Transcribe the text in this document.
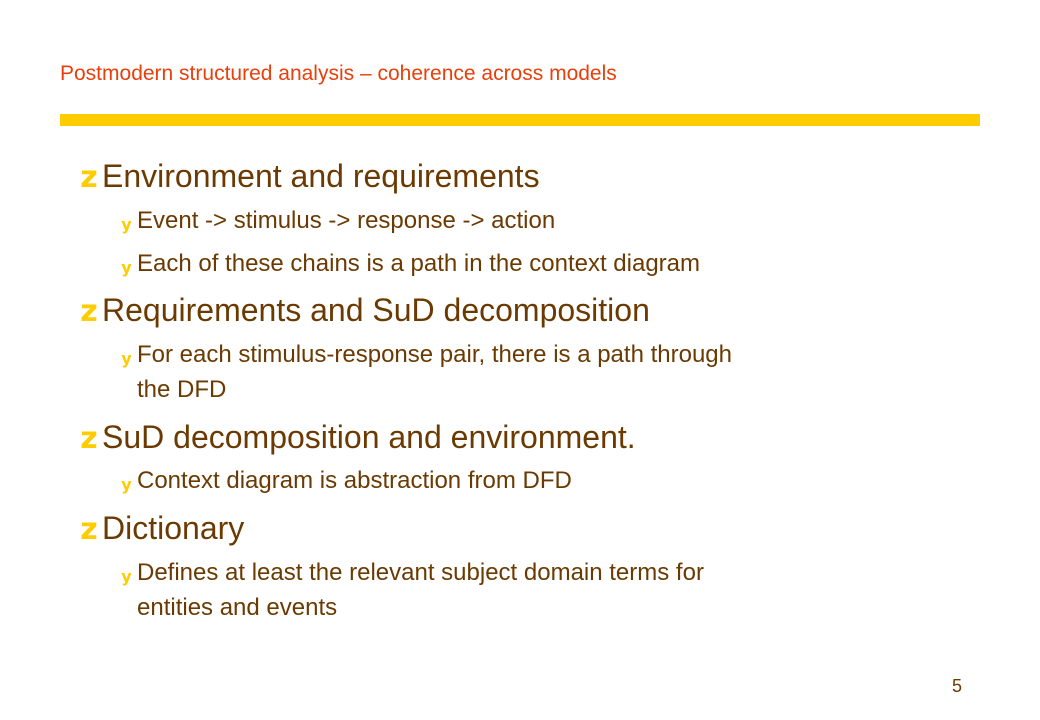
Postmodern structured analysis – coherence across models
z Environment and requirements
y Event -> stimulus -> response -> action
y Each of these chains is a path in the context diagram
z Requirements and SuD decomposition
y For each stimulus-response pair, there is a path through
the DFD
z SuD decomposition and environment.
y Context diagram is abstraction from DFD
z Dictionary
y Defines at least the relevant subject domain terms for
entities and events
5
